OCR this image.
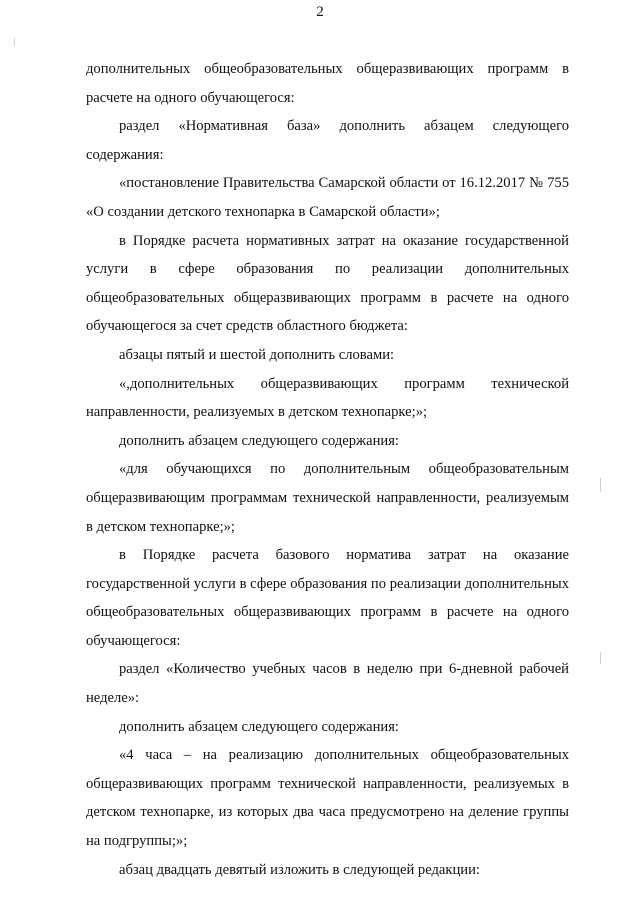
2

дополнительных общеобразовательных общеразвивающих программ в расчете на одного обучающегося:

раздел «Нормативная база» дополнить абзацем следующего содержания:

«постановление Правительства Самарской области от 16.12.2017 № 755 «О создании детского технопарка в Самарской области»;

в Порядке расчета нормативных затрат на оказание государственной услуги в сфере образования по реализации дополнительных общеобразовательных общеразвивающих программ в расчете на одного обучающегося за счет средств областного бюджета:

абзацы пятый и шестой дополнить словами:

«,дополнительных общеразвивающих программ технической направленности, реализуемых в детском технопарке;»;

дополнить абзацем следующего содержания:

«для обучающихся по дополнительным общеобразовательным общеразвивающим программам технической направленности, реализуемым в детском технопарке;»;

в Порядке расчета базового норматива затрат на оказание государственной услуги в сфере образования по реализации дополнительных общеобразовательных общеразвивающих программ в расчете на одного обучающегося:

раздел «Количество учебных часов в неделю при 6-дневной рабочей неделе»:

дополнить абзацем следующего содержания:

«4 часа – на реализацию дополнительных общеобразовательных общеразвивающих программ технической направленности, реализуемых в детском технопарке, из которых два часа предусмотрено на деление группы на подгруппы;»;

абзац двадцать девятый изложить в следующей редакции:
